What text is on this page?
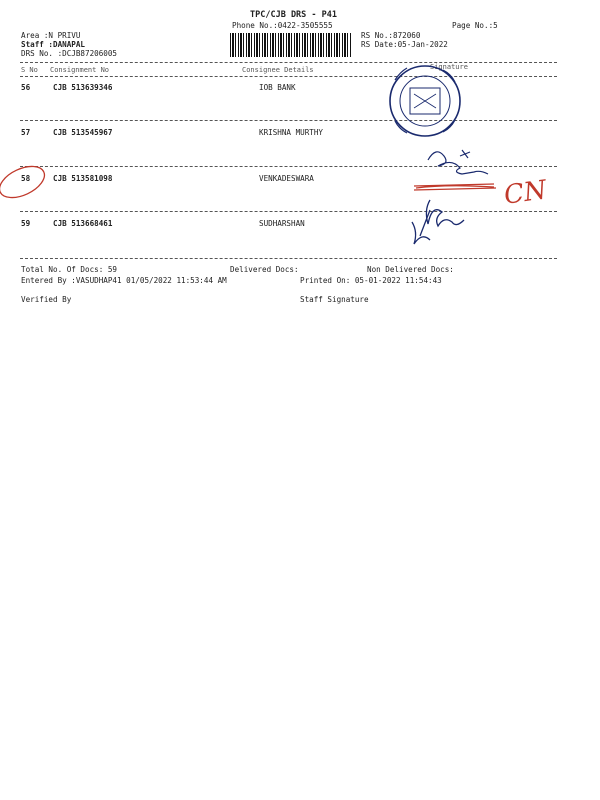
TPC/CJB DRS - P41
Phone No.:0422-3505555	Page No.:5
Area :N PRIVU
Staff :DANAPAL
DRS No. :DCJB87206005
RS No.:872060
RS Date:05-Jan-2022
S No Consignment No	Consignee Details	Signature
56	CJB 513639346	IOB BANK
57	CJB 513545967	KRISHNA MURTHY
58	CJB 513581098	VENKADESWARA
59	CJB 513668461	SUDHARSHAN
Total No. Of Docs: 59	Delivered Docs:	Non Delivered Docs:
Entered By :VASUDHAP41 01/05/2022 11:53:44 AM	Printed On: 05-01-2022 11:54:43
Verified By	Staff Signature
CN
